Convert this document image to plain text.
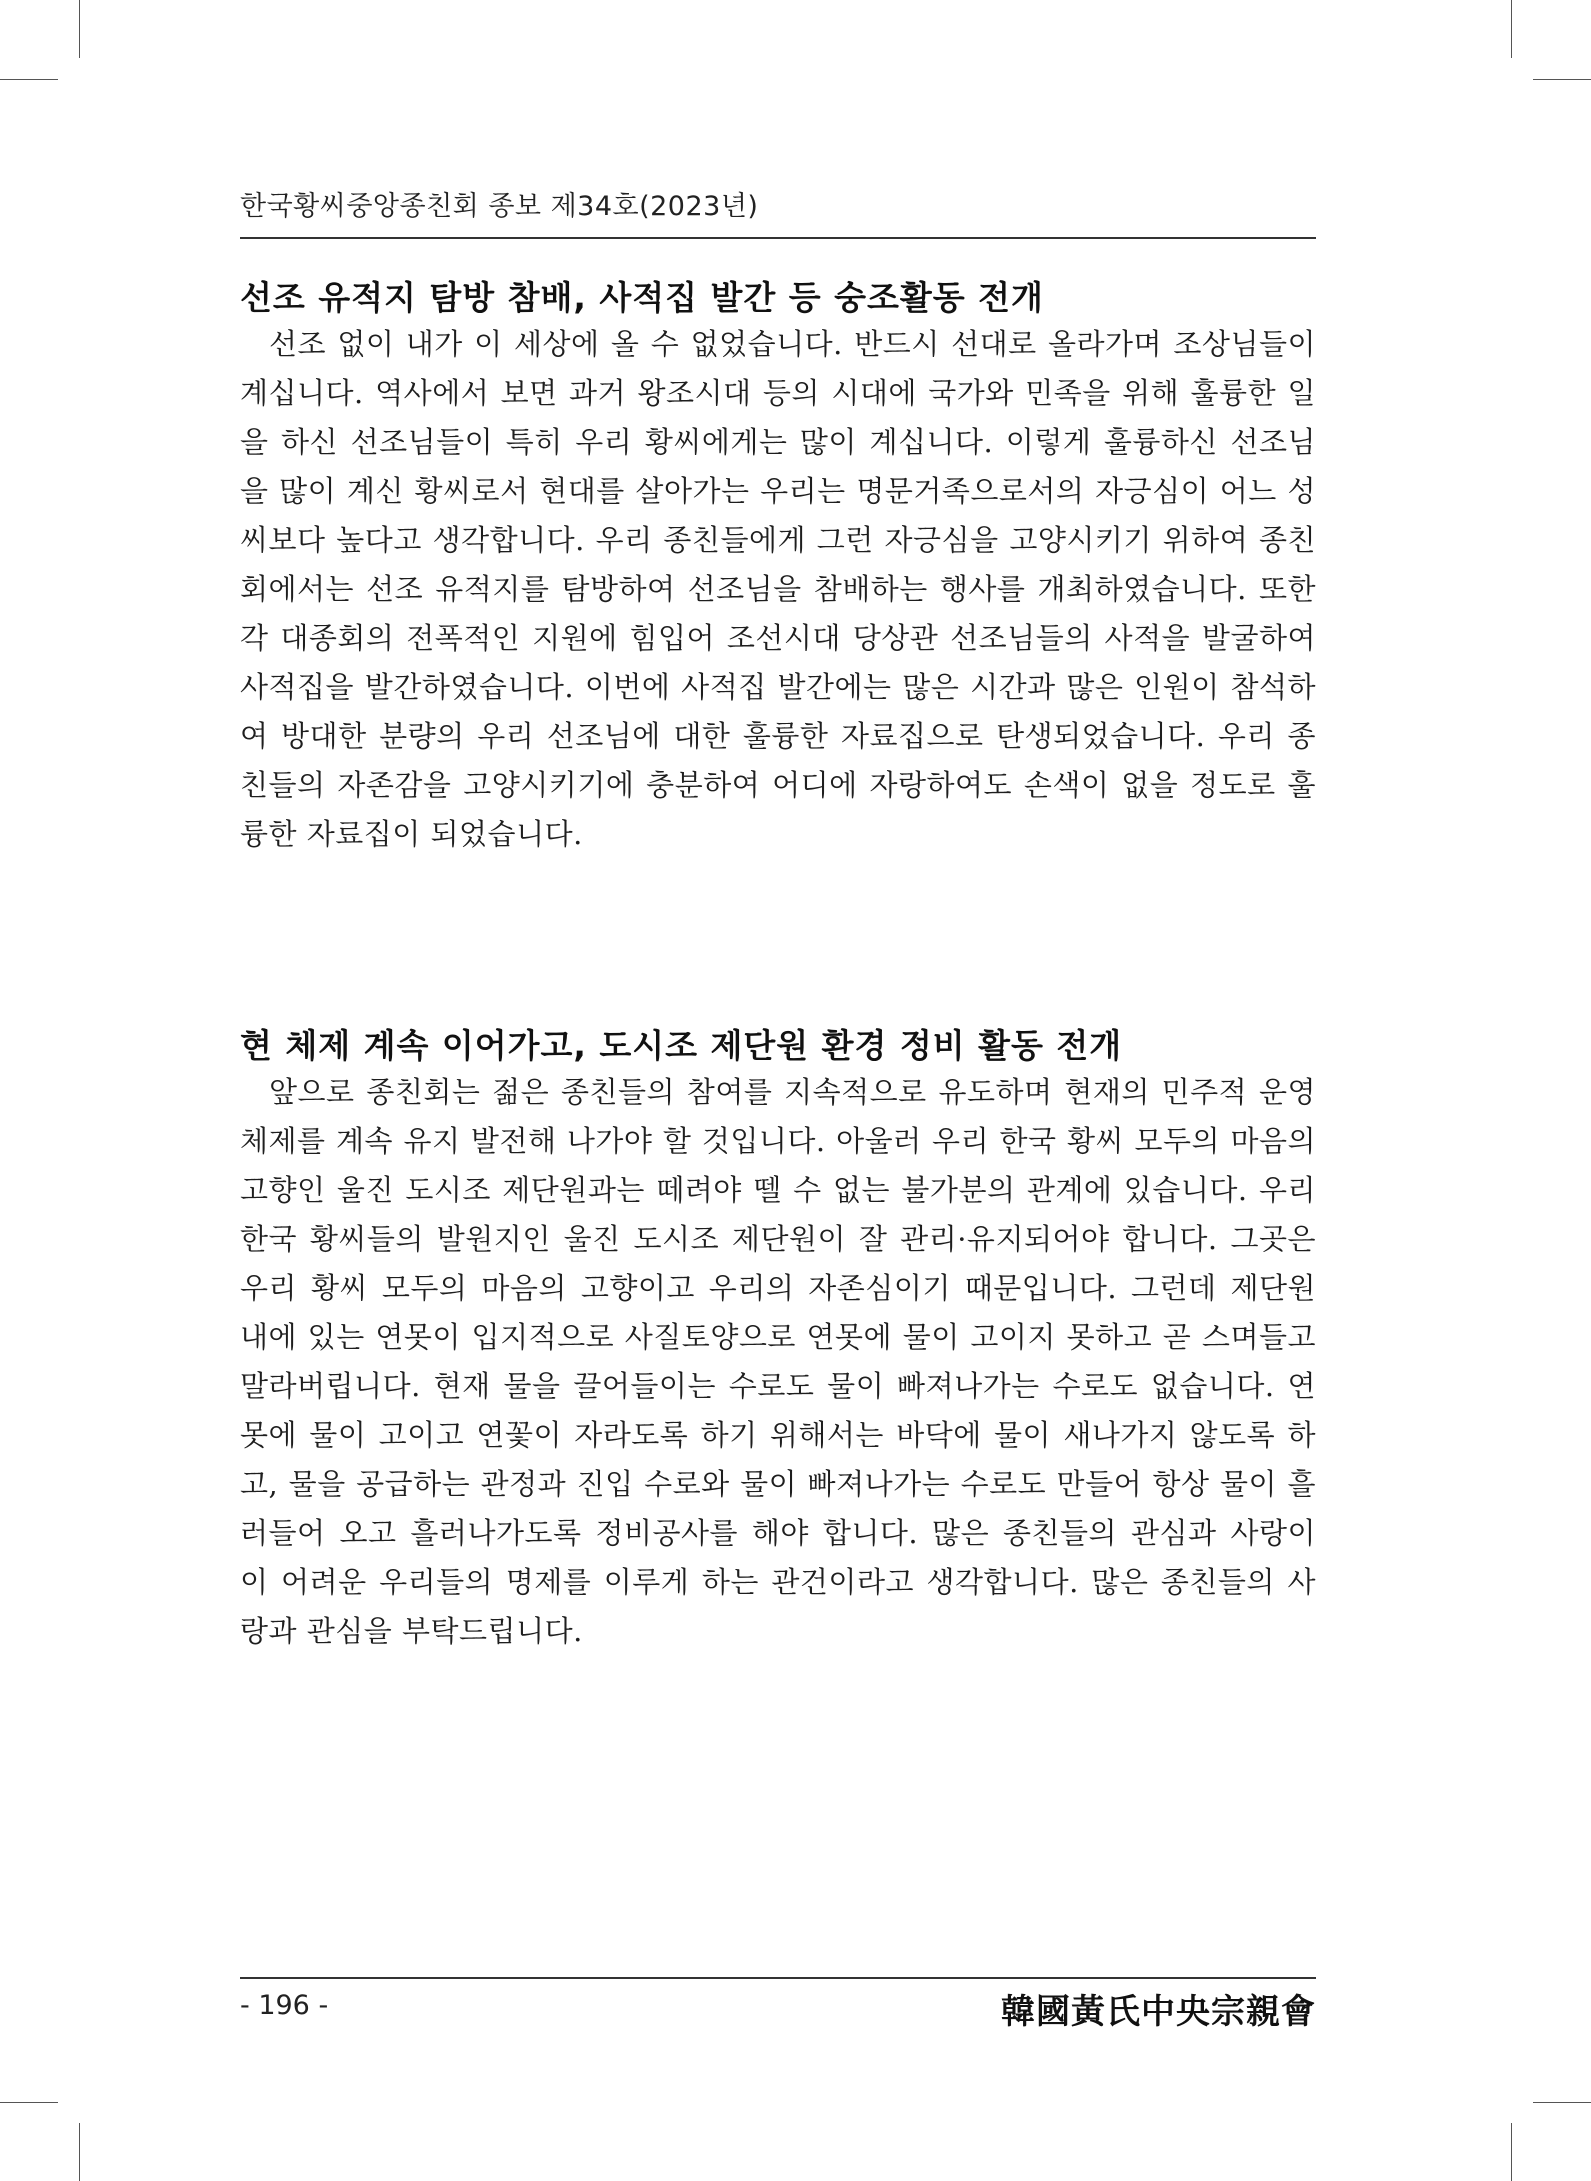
한국황씨중앙종친회 종보 제34호(2023년)
선조 유적지 탐방 참배, 사적집 발간 등 숭조활동 전개

선조 없이 내가 이 세상에 올 수 없었습니다. 반드시 선대로 올라가며 조상님들이 계십니다. 역사에서 보면 과거 왕조시대 등의 시대에 국가와 민족을 위해 훌륭한 일을 하신 선조님들이 특히 우리 황씨에게는 많이 계십니다. 이렇게 훌륭하신 선조님을 많이 계신 황씨로서 현대를 살아가는 우리는 명문거족으로서의 자긍심이 어느 성씨보다 높다고 생각합니다. 우리 종친들에게 그런 자긍심을 고양시키기 위하여 종친회에서는 선조 유적지를 탐방하여 선조님을 참배하는 행사를 개최하였습니다. 또한 각 대종회의 전폭적인 지원에 힘입어 조선시대 당상관 선조님들의 사적을 발굴하여 사적집을 발간하였습니다. 이번에 사적집 발간에는 많은 시간과 많은 인원이 참석하여 방대한 분량의 우리 선조님에 대한 훌륭한 자료집으로 탄생되었습니다. 우리 종친들의 자존감을 고양시키기에 충분하여 어디에 자랑하여도 손색이 없을 정도로 훌륭한 자료집이 되었습니다.

현 체제 계속 이어가고, 도시조 제단원 환경 정비 활동 전개

앞으로 종친회는 젊은 종친들의 참여를 지속적으로 유도하며 현재의 민주적 운영체제를 계속 유지 발전해 나가야 할 것입니다. 아울러 우리 한국 황씨 모두의 마음의 고향인 울진 도시조 제단원과는 떼려야 뗄 수 없는 불가분의 관계에 있습니다. 우리 한국 황씨들의 발원지인 울진 도시조 제단원이 잘 관리·유지되어야 합니다. 그곳은 우리 황씨 모두의 마음의 고향이고 우리의 자존심이기 때문입니다. 그런데 제단원 내에 있는 연못이 입지적으로 사질토양으로 연못에 물이 고이지 못하고 곧 스며들고 말라버립니다. 현재 물을 끌어들이는 수로도 물이 빠져나가는 수로도 없습니다. 연못에 물이 고이고 연꽃이 자라도록 하기 위해서는 바닥에 물이 새나가지 않도록 하고, 물을 공급하는 관정과 진입 수로와 물이 빠져나가는 수로도 만들어 항상 물이 흘러들어 오고 흘러나가도록 정비공사를 해야 합니다. 많은 종친들의 관심과 사랑이 이 어려운 우리들의 명제를 이루게 하는 관건이라고 생각합니다. 많은 종친들의 사랑과 관심을 부탁드립니다.

- 196 -	韓國黃氏中央宗親會
